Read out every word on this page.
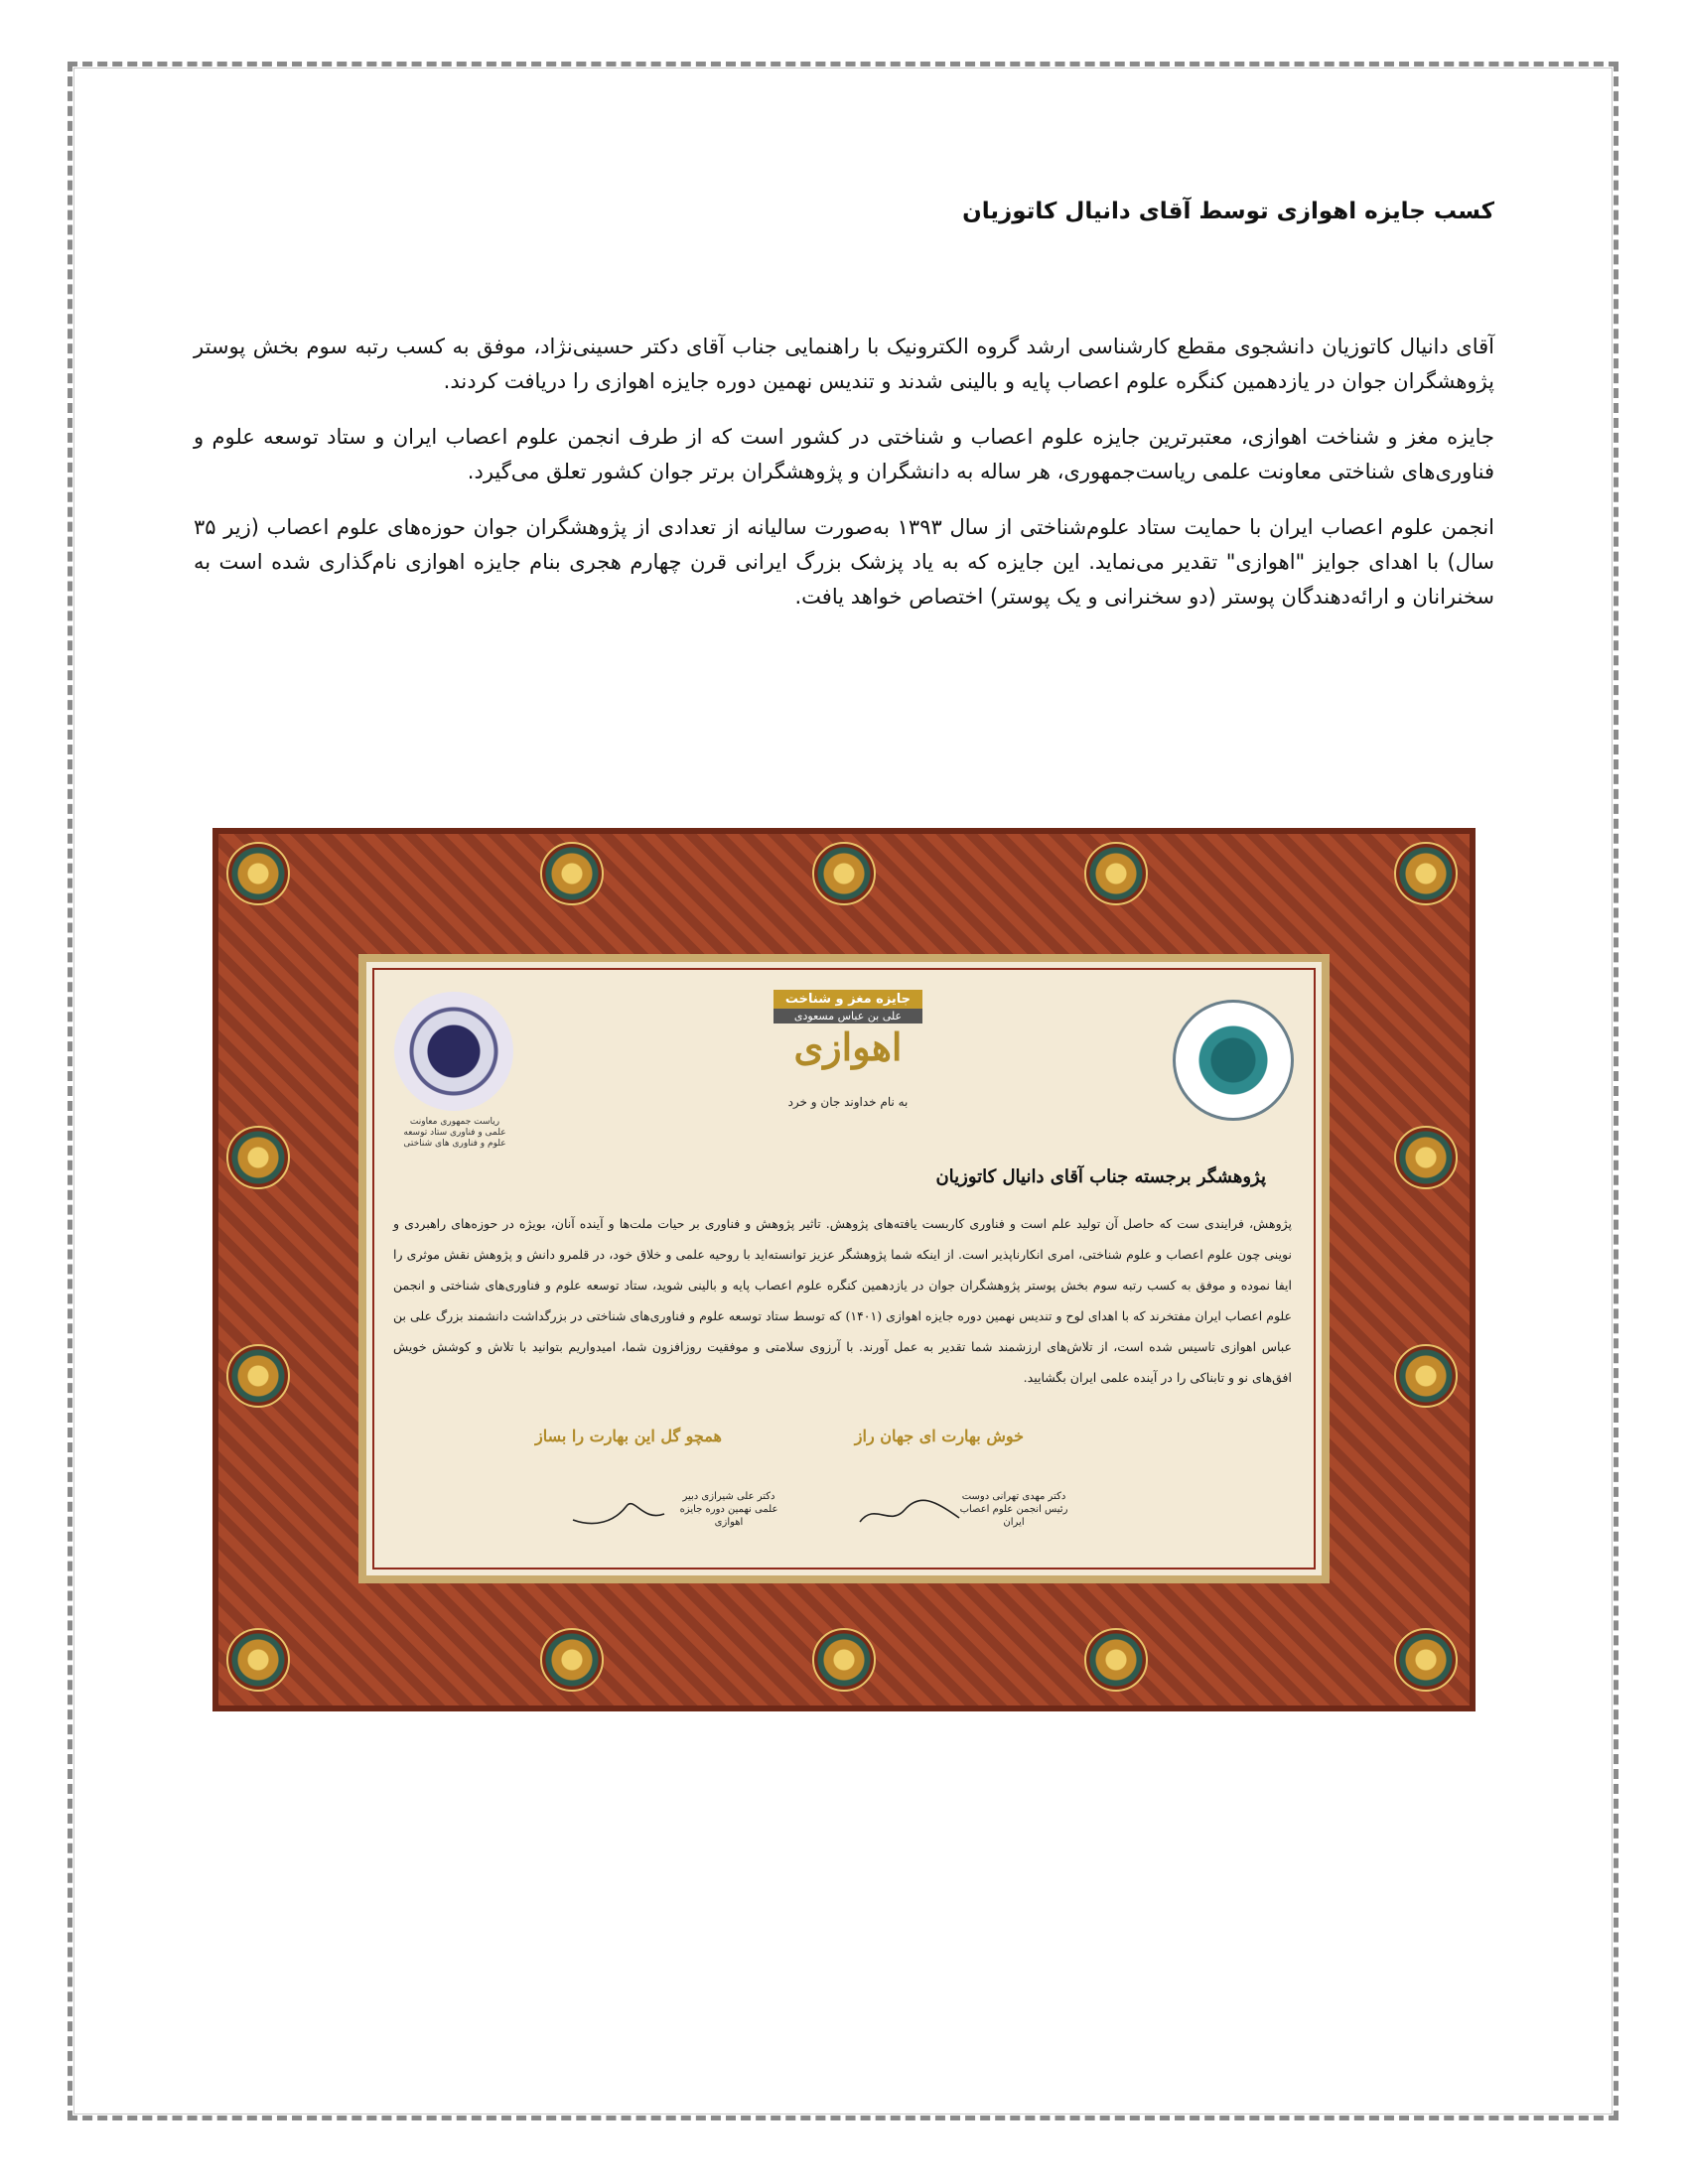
کسب جایزه اهوازی توسط آقای دانیال کاتوزیان

آقای دانیال کاتوزیان دانشجوی مقطع کارشناسی ارشد گروه الکترونیک با راهنمایی جناب آقای دکتر حسینی‌نژاد، موفق به کسب رتبه سوم بخش پوستر پژوهشگران جوان در یازدهمین کنگره علوم اعصاب پایه و بالینی شدند و تندیس نهمین دوره جایزه اهوازی را دریافت کردند.

جایزه مغز و شناخت اهوازی، معتبرترین جایزه علوم اعصاب و شناختی در کشور است که از طرف انجمن علوم اعصاب ایران و ستاد توسعه علوم و فناوری‌های شناختی معاونت علمی ریاست‌جمهوری، هر ساله به دانشگران و پژوهشگران برتر جوان کشور تعلق می‌گیرد.

انجمن علوم اعصاب ایران با حمایت ستاد علوم‌شناختی از سال ۱۳۹۳ به‌صورت سالیانه از تعدادی از پژوهشگران جوان حوزه‌های علوم اعصاب (زیر ۳۵ سال) با اهدای جوایز "اهوازی" تقدیر می‌نماید. این جایزه که به یاد پزشک بزرگ ایرانی قرن چهارم هجری بنام جایزه اهوازی نام‌گذاری شده است به سخنرانان و ارائه‌دهندگان پوستر (دو سخنرانی و یک پوستر) اختصاص خواهد یافت.

ریاست جمهوری معاونت علمی و فناوری ستاد توسعه علوم و فناوری های شناختی
جایزه مغز و شناخت
علی بن عباس مسعودی
اهوازی
به نام خداوند جان و خرد
پژوهشگر برجسته جناب آقای دانیال کاتوزیان
پژوهش، فرایندی ست که حاصل آن تولید علم است و فناوری کاربست یافته‌های پژوهش. تاثیر پژوهش و فناوری بر حیات ملت‌ها و آینده آنان، بویژه در حوزه‌های راهبردی و نوینی چون علوم اعصاب و علوم شناختی، امری انکارناپذیر است. از اینکه شما پژوهشگر عزیز توانسته‌اید با روحیه علمی و خلاق خود، در قلمرو دانش و پژوهش نقش موثری را ایفا نموده و موفق به کسب رتبه سوم بخش پوستر پژوهشگران جوان در یازدهمین کنگره علوم اعصاب پایه و بالینی شوید، ستاد توسعه علوم و فناوری‌های شناختی و انجمن علوم اعصاب ایران مفتخرند که با اهدای لوح و تندیس نهمین دوره جایزه اهوازی (۱۴۰۱) که توسط ستاد توسعه علوم و فناوری‌های شناختی در بزرگداشت دانشمند بزرگ علی بن عباس اهوازی تاسیس شده است، از تلاش‌های ارزشمند شما تقدیر به عمل آورند. با آرزوی سلامتی و موفقیت روزافزون شما، امیدواریم بتوانید با تلاش و کوشش خویش افق‌های نو و تابناکی را در آینده علمی ایران بگشایید.
خوش بهارت ای جهان راز
همچو گل این بهارت را بساز
دکتر مهدی تهرانی دوست رئیس انجمن علوم اعصاب ایران
دکتر علی شیرازی دبیر علمی نهمین دوره جایزه اهوازی
